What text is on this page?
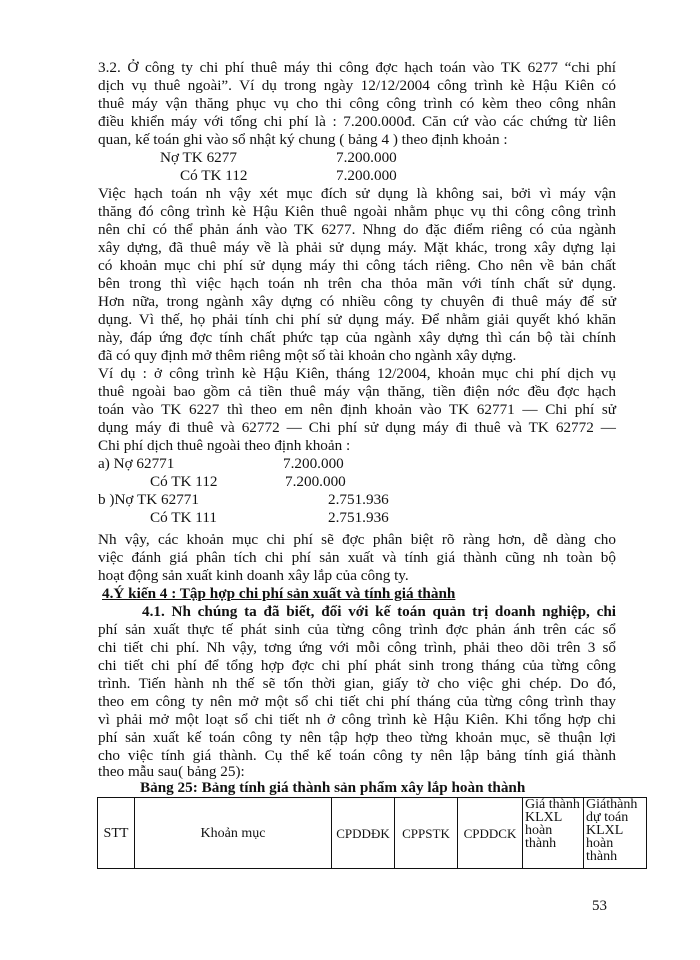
3.2. Ở công ty chi phí thuê máy thi công đợc hạch toán vào TK 6277 “chi phí
dịch vụ thuê ngoài”. Ví dụ trong ngày 12/12/2004 công trình kè Hậu Kiên có
thuê máy vận thăng phục vụ cho thi công công trình có kèm theo công nhân
điều khiển máy với tổng chi phí là : 7.200.000đ. Căn cứ vào các chứng từ liên
quan, kế toán ghi vào sổ nhật ký chung ( bảng 4 ) theo định khoản :
Nợ TK 6277	7.200.000
Có TK 112	7.200.000
Việc hạch toán nh vậy xét mục đích sử dụng là không sai, bởi vì máy vận
thăng đó công trình kè Hậu Kiên thuê ngoài nhằm phục vụ thi công công trình
nên chỉ có thể phản ánh vào TK 6277. Nhng do đặc điểm riêng có của ngành
xây dựng, đã thuê máy về là phải sử dụng máy. Mặt khác, trong xây dựng lại
có khoản mục chi phí sử dụng máy thi công tách riêng. Cho nên về bản chất
bên trong thì việc hạch toán nh trên cha thỏa mãn với tính chất sử dụng.
Hơn nữa, trong ngành xây dựng có nhiều công ty chuyên đi thuê máy để sử
dụng. Vì thế, họ phải tính chi phí sử dụng máy. Để nhằm giải quyết khó khăn
này, đáp ứng đợc tính chất phức tạp của ngành xây dựng thì cán bộ tài chính
đã có quy định mở thêm riêng một số tài khoản cho ngành xây dựng.
Ví dụ : ở công trình kè Hậu Kiên, tháng 12/2004, khoản mục chi phí dịch vụ
thuê ngoài bao gồm cả tiền thuê máy vận thăng, tiền điện nớc đều đợc hạch
toán vào TK 6227 thì theo em nên định khoản vào TK 62771 — Chi phí sử
dụng máy đi thuê và 62772 — Chi phí sử dụng máy đi thuê và TK 62772 —
Chi phí dịch thuê ngoài theo định khoản :
a) Nợ 62771	7.200.000
Có TK 112	7.200.000
b )Nợ TK 62771	2.751.936
Có TK 111	2.751.936
Nh vậy, các khoản mục chi phí sẽ đợc phân biệt rõ ràng hơn, dễ dàng cho
việc đánh giá phân tích chi phí sản xuất và tính giá thành cũng nh toàn bộ
hoạt động sản xuất kinh doanh xây lắp của công ty.
4.Ý kiến 4 : Tập hợp chi phí sản xuất và tính giá thành
4.1. Nh chúng ta đã biết, đối với kế toán quản trị doanh nghiệp, chi
phí sản xuất thực tế phát sinh của từng công trình đợc phản ánh trên các sổ
chi tiết chi phí. Nh vậy, tơng ứng với mỗi công trình, phải theo dõi trên 3 sổ
chi tiết chi phí để tổng hợp đợc chi phí phát sinh trong tháng của từng công
trình. Tiến hành nh thế sẽ tốn thời gian, giấy tờ cho việc ghi chép. Do đó,
theo em công ty nên mở một sổ chi tiết chi phí tháng của từng công trình thay
vì phải mở một loạt sổ chi tiết nh ở công trình kè Hậu Kiên. Khi tổng hợp chi
phí sản xuất kế toán công ty nên tập hợp theo từng khoản mục, sẽ thuận lợi
cho việc tính giá thành. Cụ thể kế toán công ty nên lập bảng tính giá thành
theo mẫu sau( bảng 25):
Bảng 25: Bảng tính giá thành sản phẩm xây lắp hoàn thành
STT	Khoản mục	CPDDĐK	CPPSTK	CPDDCK	Giá thành KLXL hoàn thành	Giáthành dự toán KLXL hoàn thành
53
